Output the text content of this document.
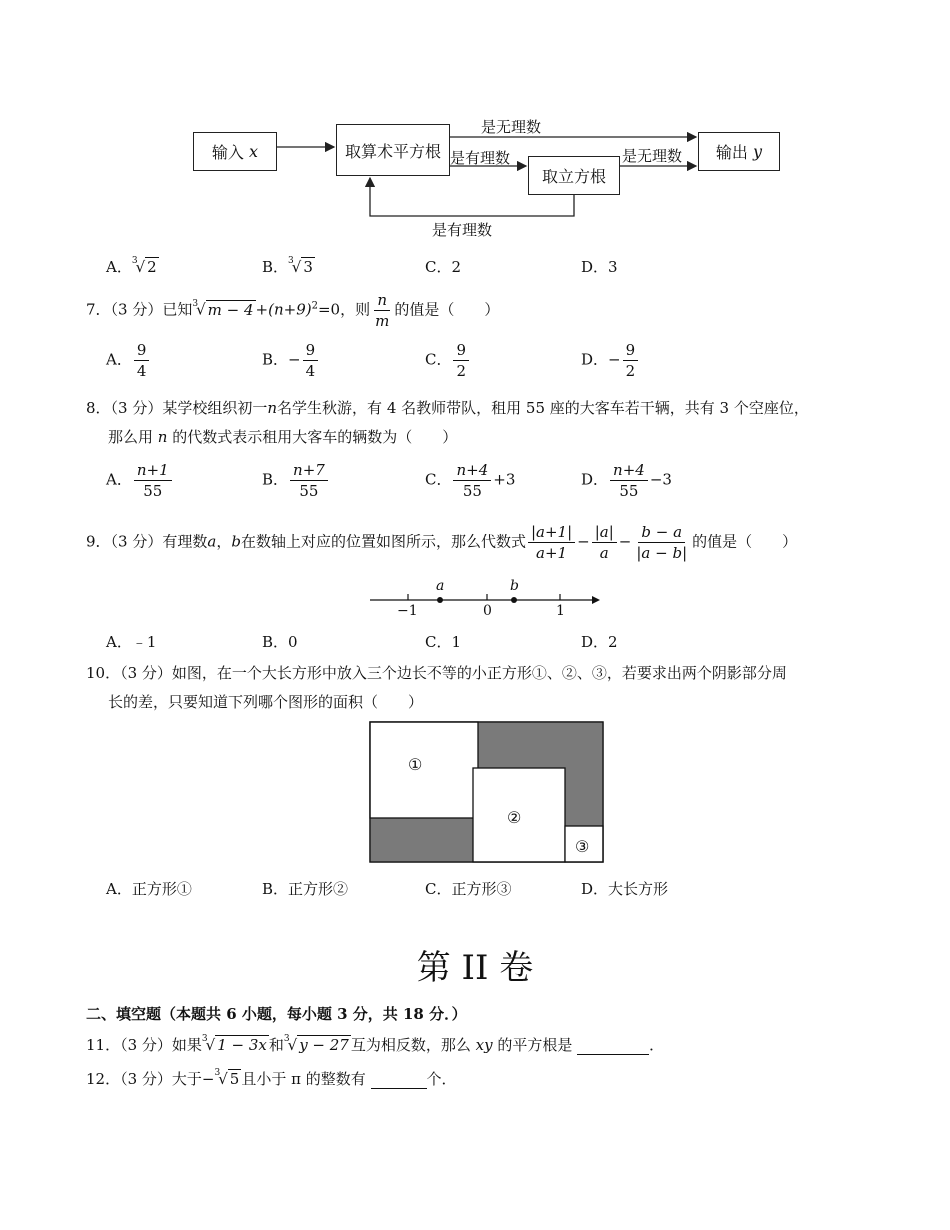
输入
x	取算术平方根
取立方根
输出
y
是无理数
是有理数	是无理数
是有理数
A．$^3$√ 2	B．$^3$√ 3	C．2	D．3
7．（3 分）已知$^3$√ $m - 4 +(n+9)^2=0$，则 $\frac{n}{m}$ 的值是（　　）
A． $\frac{9}{4}$	B．− $\frac{9}{4}$	C． $\frac{9}{2}$	D．− $\frac{9}{2}$
8．（3 分）某学校组织初一n名学生秋游，有 4 名教师带队，租用 55 座的大客车若干辆，共有 3 个空座位，
那么用 n 的代数式表示租用大客车的辆数为（　　）
A． $\frac{n+1}{55}$	B． $\frac{n+7}{55}$	C． $\frac{n+4}{55} +3$	D． $\frac{n+4}{55} -3$
9．（3 分）有理数a，b在数轴上对应的位置如图所示，那么代数式 $\frac{|a+1|}{a+1} - \frac{|a|}{a} - \frac{b - a}{|a - b|}$ 的值是（　　）
a	b
−1	0	1
A．﹣1	B．0	C．1	D．2
10．（3 分）如图，在一个大长方形中放入三个边长不等的小正方形①、②、③，若要求出两个阴影部分周
长的差，只要知道下列哪个图形的面积（　　）
①
②
③
A．正方形①	B．正方形②	C．正方形③	D．大长方形
第 II 卷
二、填空题（本题共 6 小题，每小题 3 分，共 18 分．）
11．（3 分）如果$^3$√ 1 − 3x 和$^3$√ y − 27 互为相反数，那么 xy 的平方根是	．
12．（3 分）大于−$^3$√ 5 且小于 π 的整数有	个．
